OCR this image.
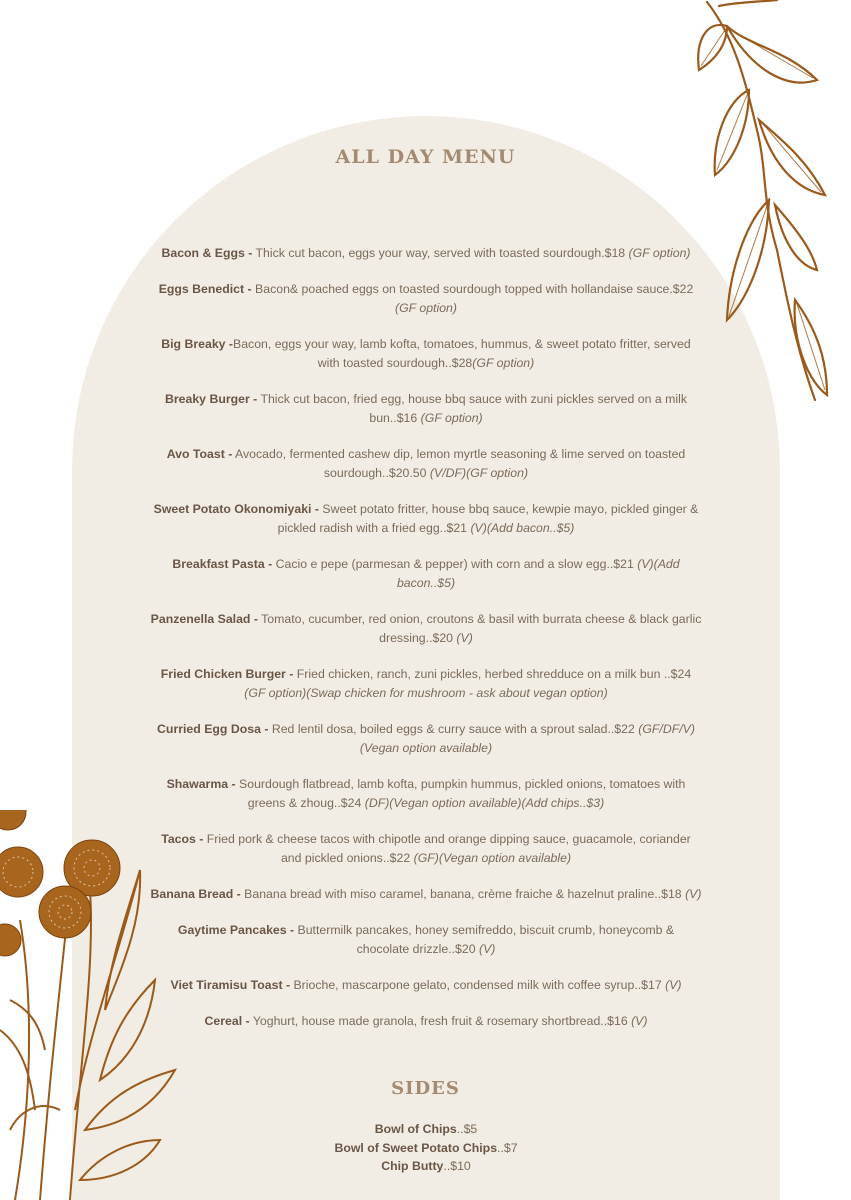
ALL DAY MENU
Bacon & Eggs - Thick cut bacon, eggs your way, served with toasted sourdough.$18 (GF option)
Eggs Benedict - Bacon& poached eggs on toasted sourdough topped with hollandaise sauce.$22 (GF option)
Big Breaky -Bacon, eggs your way, lamb kofta, tomatoes, hummus, & sweet potato fritter, served with toasted sourdough..$28(GF option)
Breaky Burger - Thick cut bacon, fried egg, house bbq sauce with zuni pickles served on a milk bun..$16 (GF option)
Avo Toast - Avocado, fermented cashew dip, lemon myrtle seasoning & lime served on toasted sourdough..$20.50 (V/DF)(GF option)
Sweet Potato Okonomiyaki - Sweet potato fritter, house bbq sauce, kewpie mayo, pickled ginger & pickled radish with a fried egg..$21 (V)(Add bacon..$5)
Breakfast Pasta - Cacio e pepe (parmesan & pepper) with corn and a slow egg..$21 (V)(Add bacon..$5)
Panzenella Salad - Tomato, cucumber, red onion, croutons & basil with burrata cheese & black garlic dressing..$20 (V)
Fried Chicken Burger - Fried chicken, ranch, zuni pickles, herbed shredduce on a milk bun ..$24 (GF option)(Swap chicken for mushroom - ask about vegan option)
Curried Egg Dosa - Red lentil dosa, boiled eggs & curry sauce with a sprout salad..$22 (GF/DF/V) (Vegan option available)
Shawarma - Sourdough flatbread, lamb kofta, pumpkin hummus, pickled onions, tomatoes with greens & zhoug..$24 (DF)(Vegan option available)(Add chips..$3)
Tacos - Fried pork & cheese tacos with chipotle and orange dipping sauce, guacamole, coriander and pickled onions..$22 (GF)(Vegan option available)
Banana Bread - Banana bread with miso caramel, banana, crème fraiche & hazelnut praline..$18 (V)
Gaytime Pancakes - Buttermilk pancakes, honey semifreddo, biscuit crumb, honeycomb & chocolate drizzle..$20 (V)
Viet Tiramisu Toast - Brioche, mascarpone gelato, condensed milk with coffee syrup..$17 (V)
Cereal - Yoghurt, house made granola, fresh fruit & rosemary shortbread..$16 (V)
SIDES
Bowl of Chips..$5
Bowl of Sweet Potato Chips..$7
Chip Butty..$10
